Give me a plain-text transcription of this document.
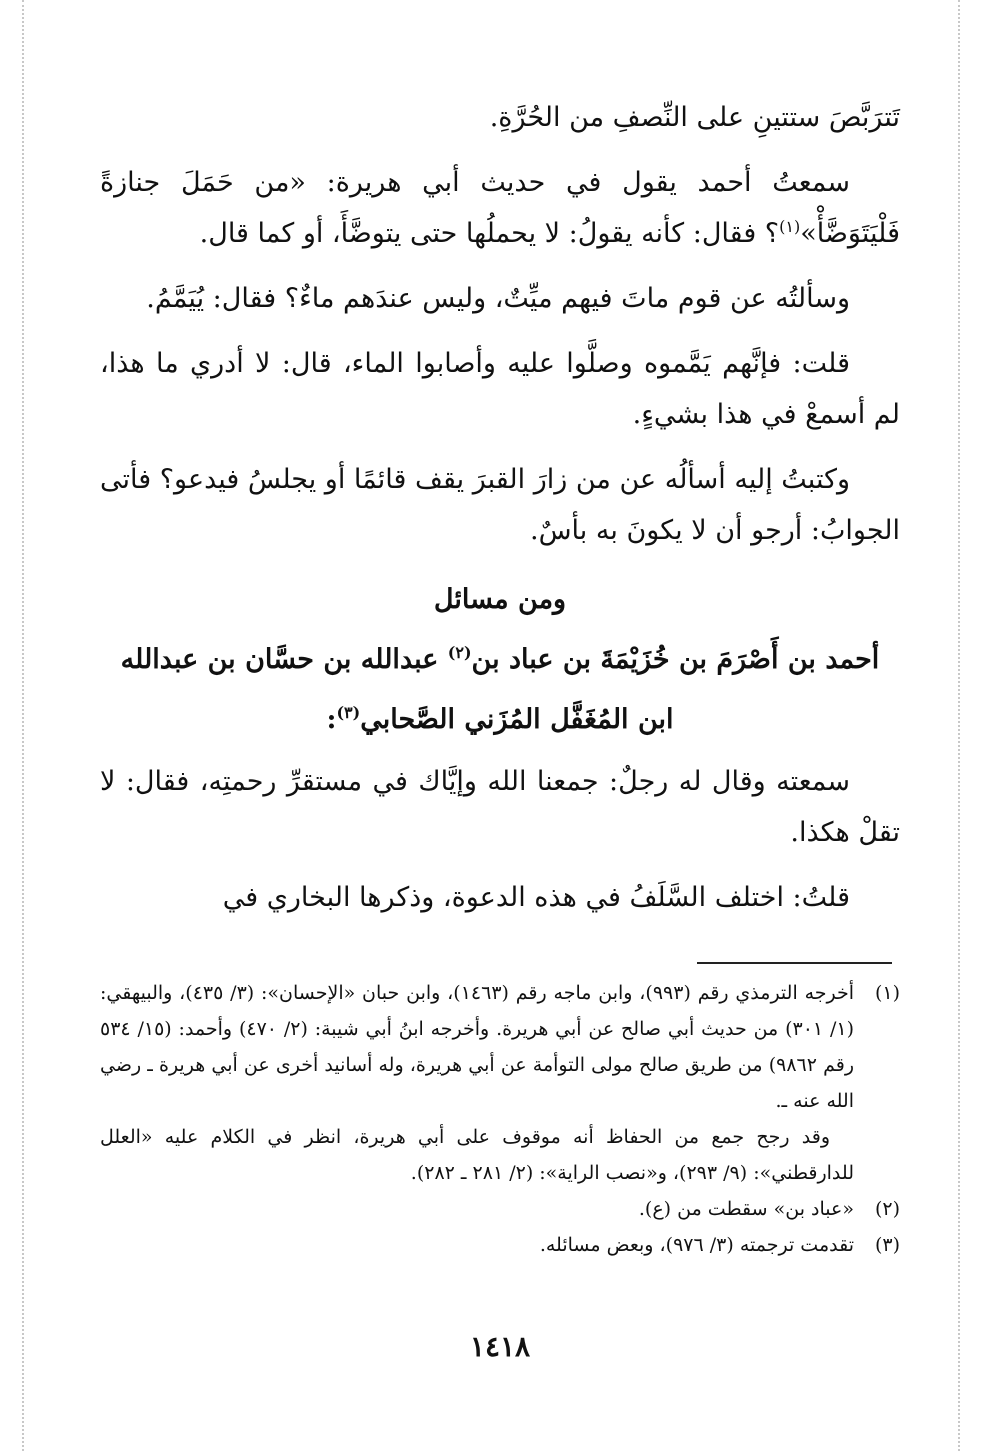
تَترَبَّصَ ستتينِ على النِّصفِ من الحُرَّةِ.

سمعتُ أحمد يقول في حديث أبي هريرة: «من حَمَلَ جنازةً فَلْيَتَوَضَّأْ»$^{(١)}$؟ فقال: كأنه يقولُ: لا يحملُها حتى يتوضَّأَ، أو كما قال.

وسألتُه عن قوم ماتَ فيهم ميِّتٌ، وليس عندَهم ماءٌ؟ فقال: يُيَمَّمُ.

قلت: فإنَّهم يَمَّموه وصلَّوا عليه وأصابوا الماء، قال: لا أدري ما هذا، لم أسمعْ في هذا بشيءٍ.

وكتبتُ إليه أسألُه عن من زارَ القبرَ يقف قائمًا أو يجلسُ فيدعو؟ فأتى الجوابُ: أرجو أن لا يكونَ به بأسٌ.

ومن مسائل

أحمد بن أَصْرَمَ بن خُزَيْمَةَ بن عباد بن$^{(٢)}$ عبدالله بن حسَّان بن عبدالله

ابن المُغَفَّل المُزَني الصَّحابي$^{(٣)}$:

سمعته وقال له رجلٌ: جمعنا الله وإيَّاك في مستقرِّ رحمتِه، فقال: لا تقلْ هكذا.

قلتُ: اختلف السَّلَفُ في هذه الدعوة، وذكرها البخاري في

(١)
أخرجه الترمذي رقم (٩٩٣)، وابن ماجه رقم (١٤٦٣)، وابن حبان «الإحسان»: (٣/ ٤٣٥)، والبيهقي: (١/ ٣٠١) من حديث أبي صالح عن أبي هريرة. وأخرجه ابنُ أبي شيبة: (٢/ ٤٧٠) وأحمد: (١٥/ ٥٣٤ رقم ٩٨٦٢) من طريق صالح مولى التوأمة عن أبي هريرة، وله أسانيد أخرى عن أبي هريرة ـ رضي الله عنه ـ.

وقد رجح جمع من الحفاظ أنه موقوف على أبي هريرة، انظر في الكلام عليه «العلل للدارقطني»: (٩/ ٢٩٣)، و«نصب الراية»: (٢/ ٢٨١ ـ ٢٨٢).

(٢)
«عباد بن» سقطت من (ع).

(٣)
تقدمت ترجمته (٣/ ٩٧٦)، وبعض مسائله.

١٤١٨
